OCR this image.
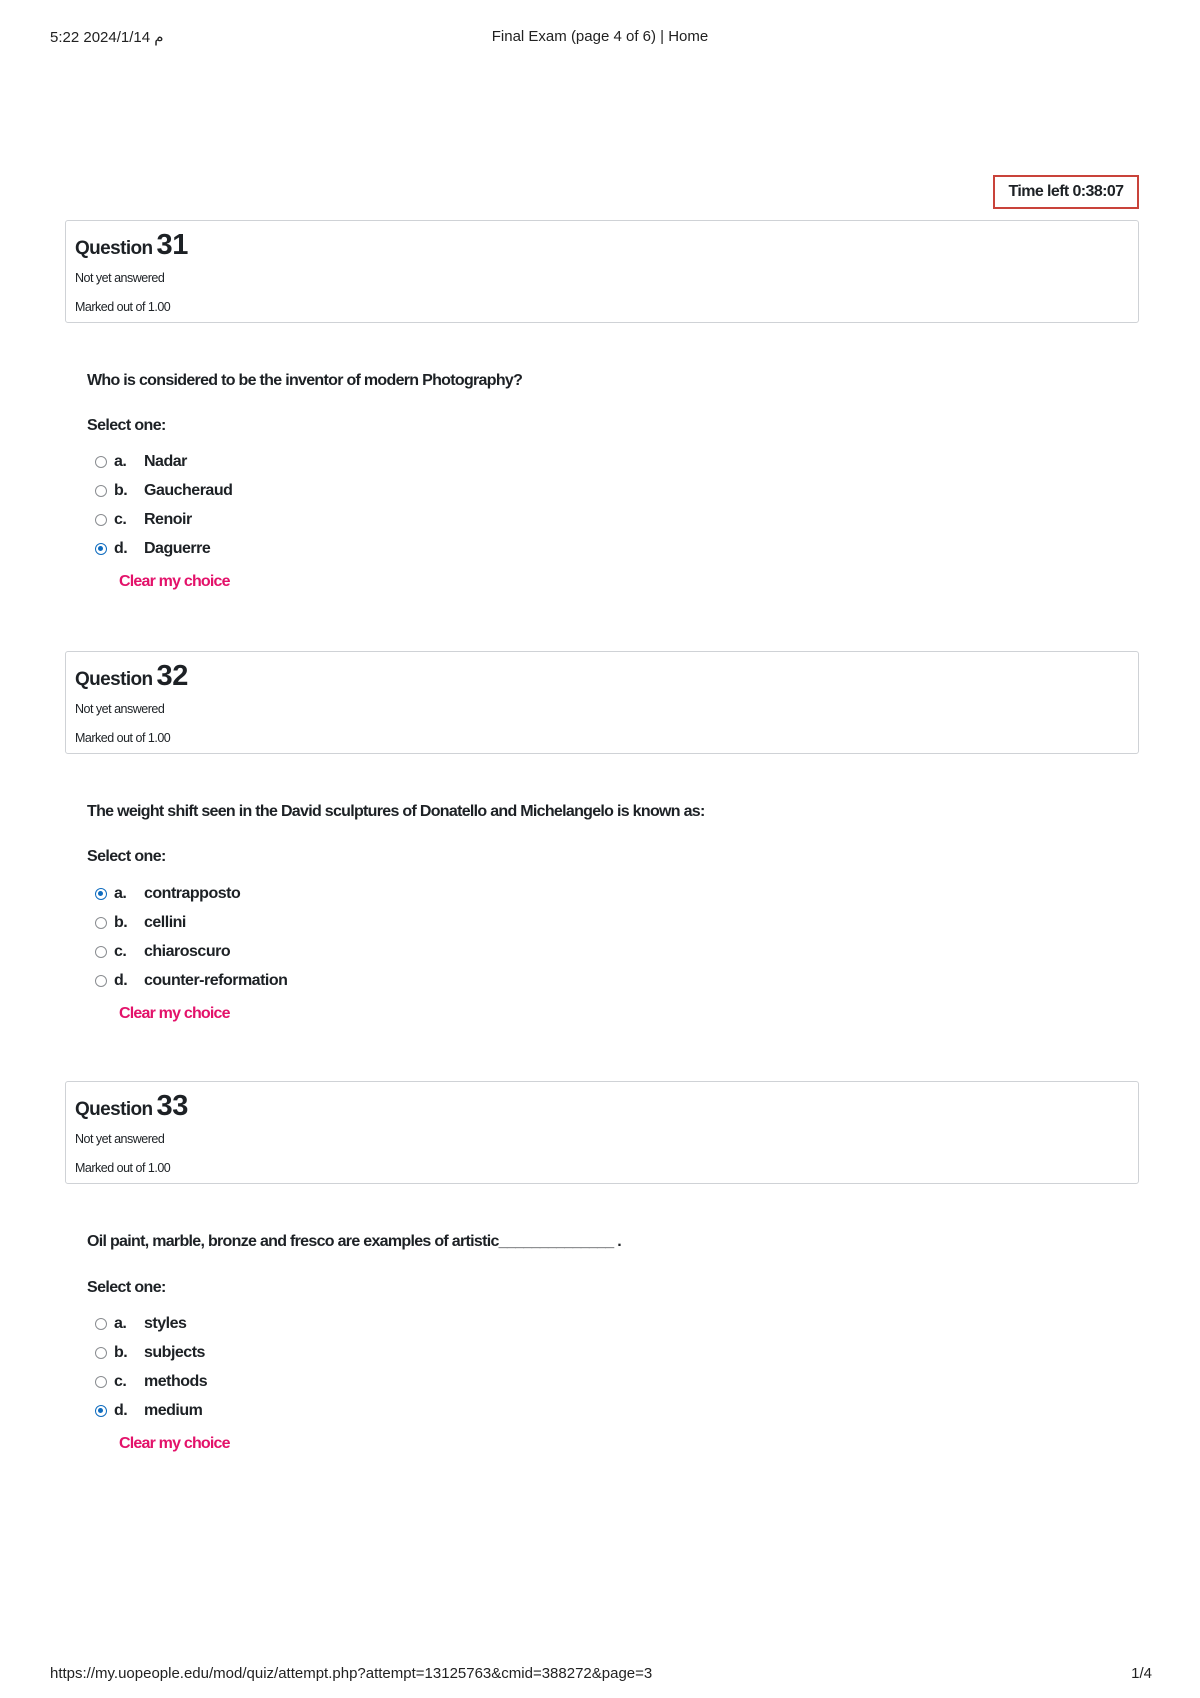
5:22 2024/1/14 م	Final Exam (page 4 of 6) | Home
Time left 0:38:07
Question 31
Not yet answered
Marked out of 1.00
Who is considered to be the inventor of modern Photography?
Select one:
a.	Nadar
b.	Gaucheraud
c.	Renoir
d.	Daguerre
Clear my choice
Question 32
Not yet answered
Marked out of 1.00
The weight shift seen in the David sculptures of Donatello and Michelangelo is known as:
Select one:
a.	contrapposto
b.	cellini
c.	chiaroscuro
d.	counter-reformation
Clear my choice
Question 33
Not yet answered
Marked out of 1.00
Oil paint, marble, bronze and fresco are examples of artistic______________ .
Select one:
a.	styles
b.	subjects
c.	methods
d.	medium
Clear my choice
https://my.uopeople.edu/mod/quiz/attempt.php?attempt=13125763&cmid=388272&page=3	1/4
